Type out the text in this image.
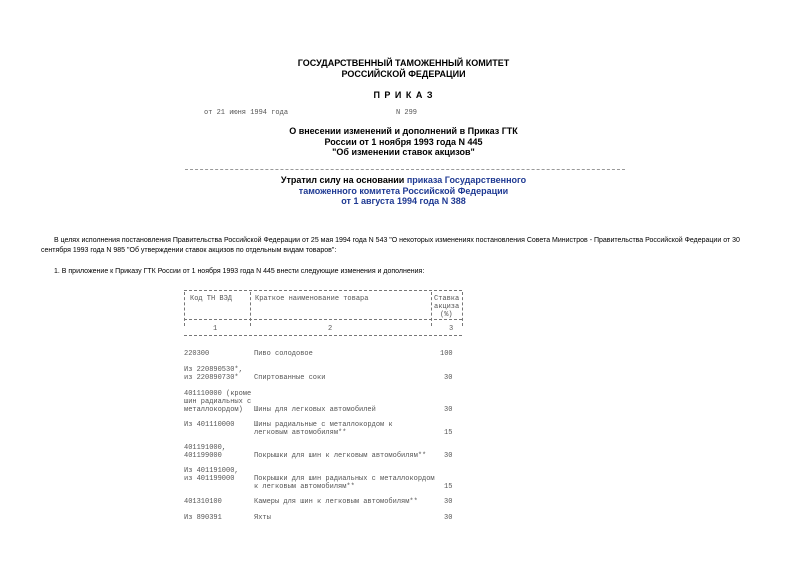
ГОСУДАРСТВЕННЫЙ ТАМОЖЕННЫЙ КОМИТЕТ
РОССИЙСКОЙ ФЕДЕРАЦИИ
П Р И К А З
от 21 июня 1994 года	N 299
О внесении изменений и дополнений в Приказ ГТК
России от 1 ноября 1993 года N 445
"Об изменении ставок акцизов"
Утратил силу на основании приказа Государственного
таможенного комитета Российской Федерации
от 1 августа 1994 года N 388
В целях исполнения постановления Правительства Российской Федерации от 25 мая 1994 года N 543 "О некоторых изменениях постановления Совета Министров - Правительства Российской Федерации от 30
сентября 1993 года N 985 "Об утверждении ставок акцизов по отдельным видам товаров":
1. В приложение к Приказу ГТК России от 1 ноября 1993 года N 445 внести следующие изменения и дополнения:
Код ТН ВЭД	Краткое наименование товара	Ставка
акциза
(%)
1	2	3
220300	Пиво солодовое	100
Из 220890530*,
из 220890730*	Спиртованные соки	30
401110000 (кроме
шин радиальных с
металлокордом)	Шины для легковых автомобилей	30
Из 401110000	Шины радиальные с металлокордом к
легковым автомобилям**	15
401191000,
401199000	Покрышки для шин к легковым автомобилям**	30
Из 401191000,
из 401199000	Покрышки для шин радиальных с металлокордом
к легковым автомобилям**	15
401310100	Камеры для шин к легковым автомобилям**	30
Из 890391	Яхты	30
